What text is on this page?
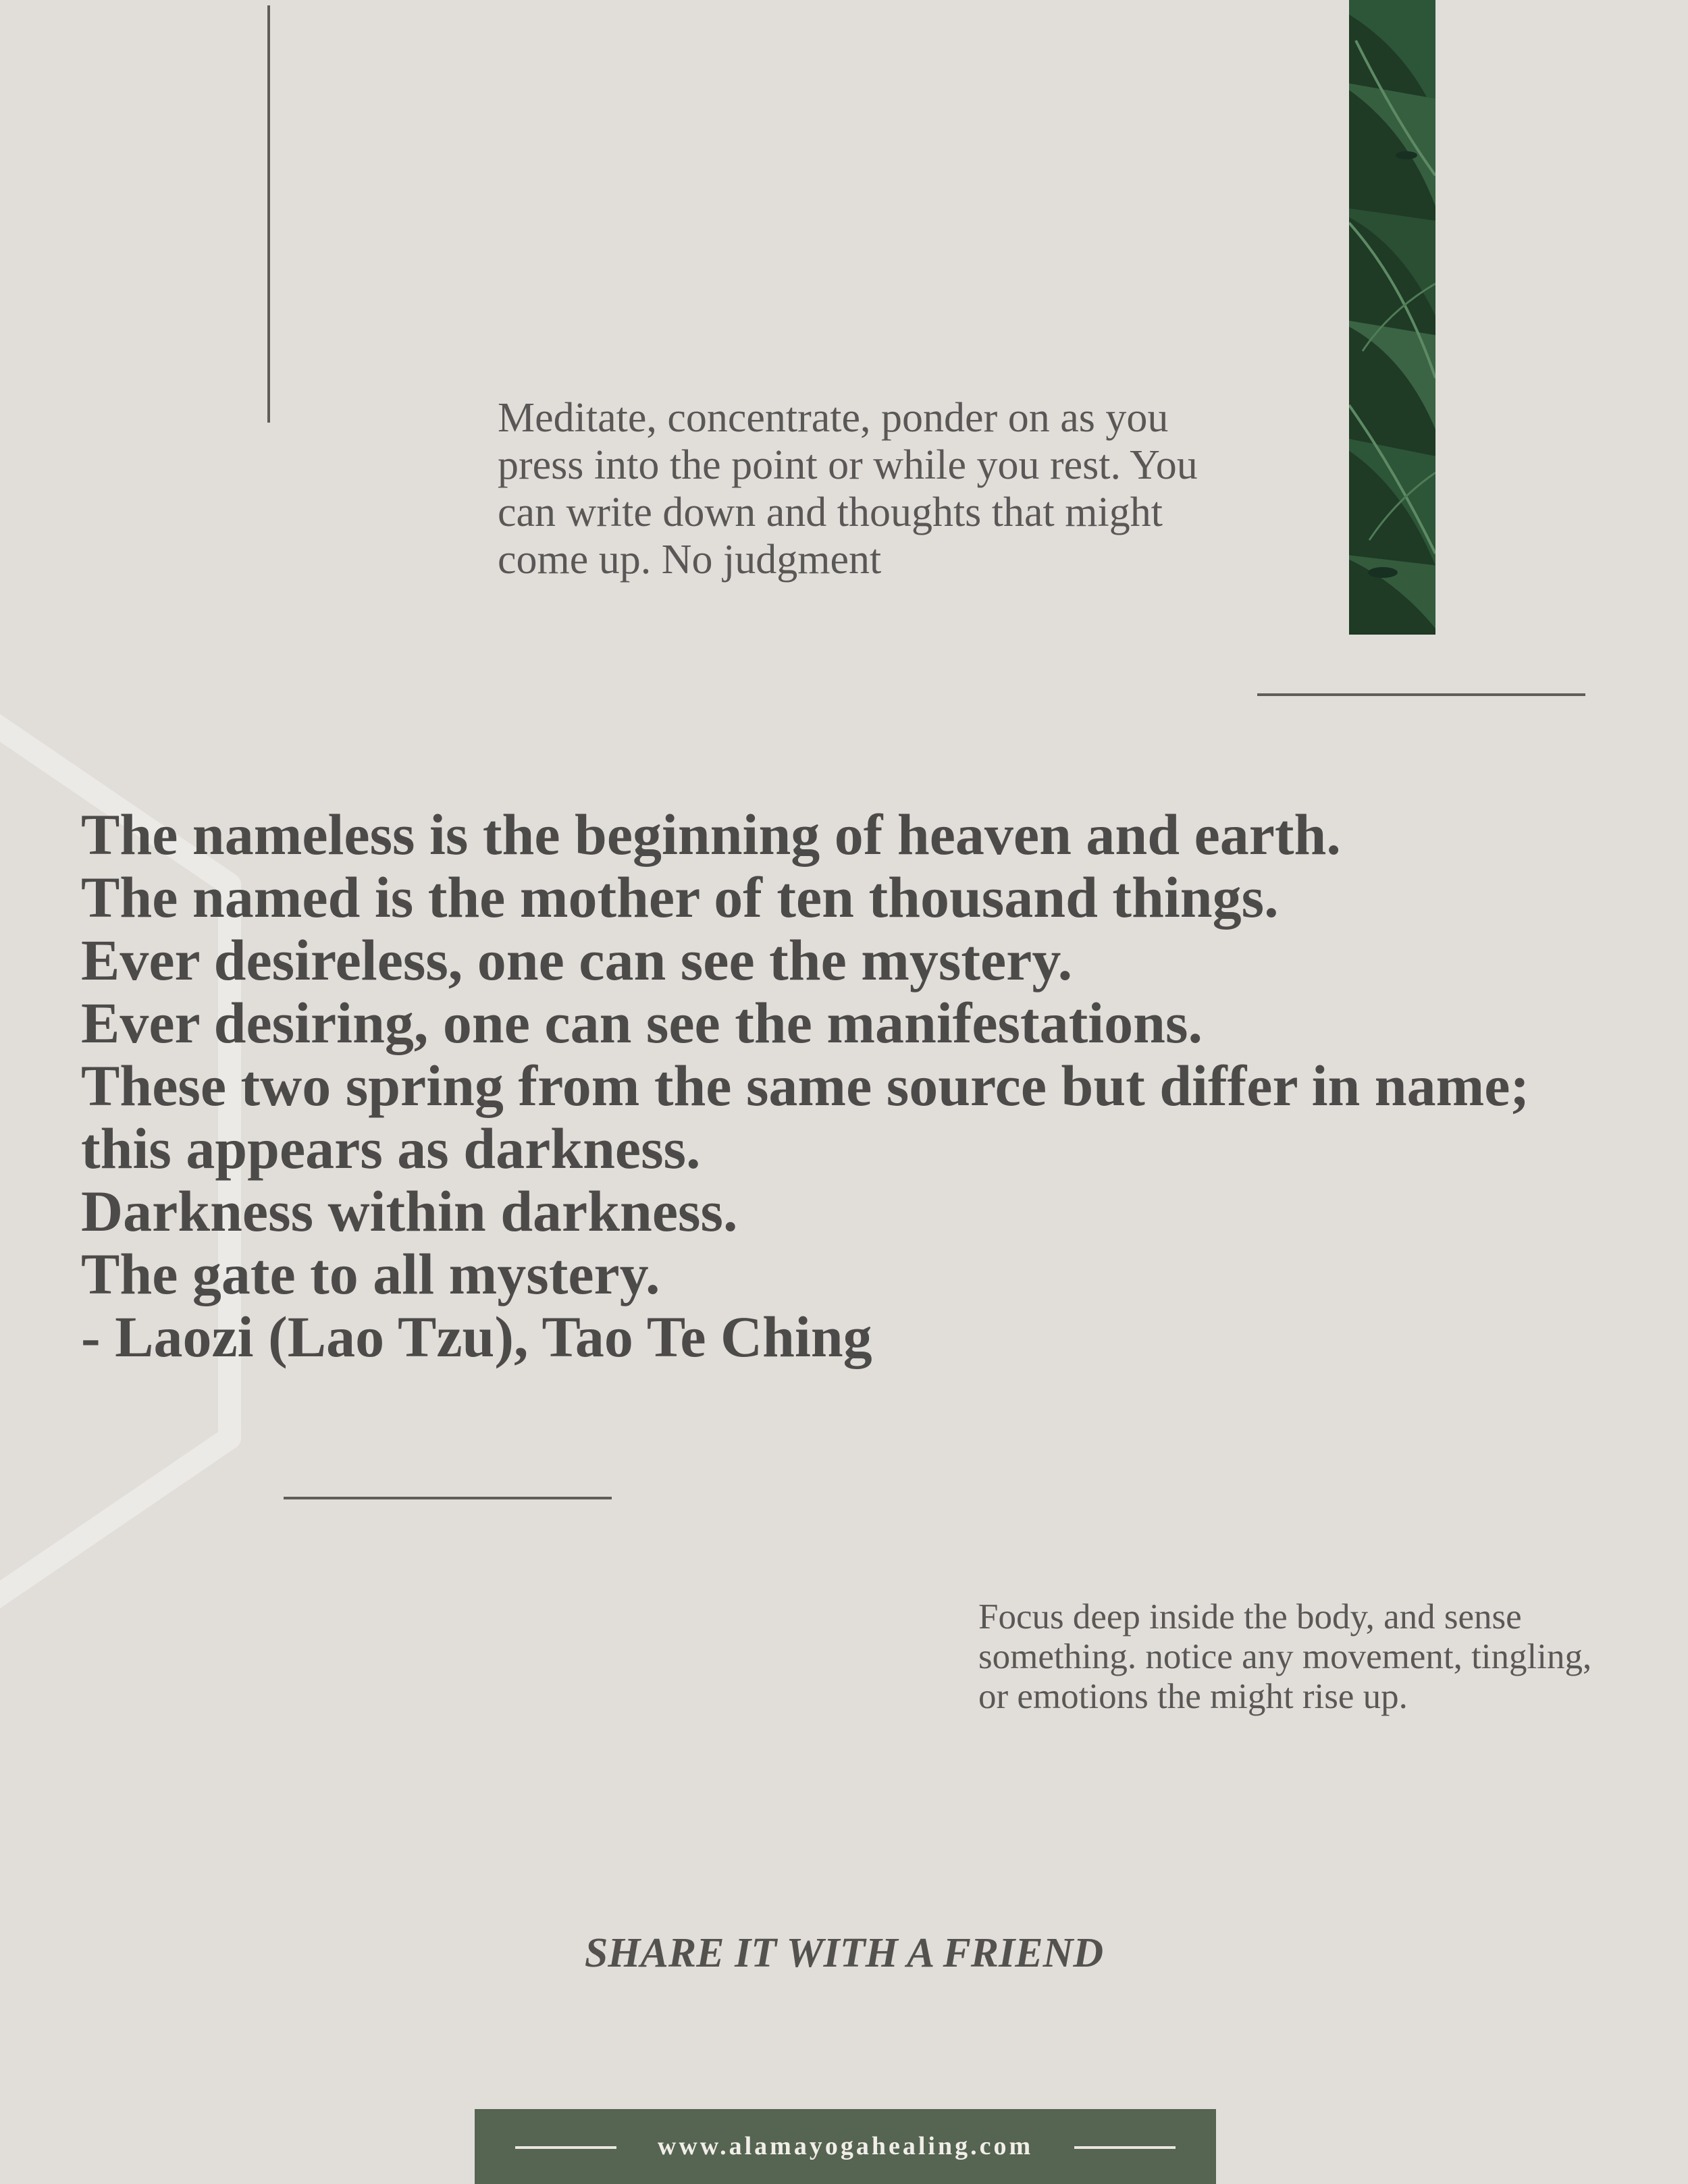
Meditate, concentrate, ponder on as you press into the point or while you rest. You can write down and thoughts that might come up. No judgment

The nameless is the beginning of heaven and earth.
The named is the mother of ten thousand things.
Ever desireless, one can see the mystery.
Ever desiring, one can see the manifestations.
These two spring from the same source but differ in name;
this appears as darkness.
Darkness within darkness.
The gate to all mystery.
- Laozi (Lao Tzu), Tao Te Ching

Focus deep inside the body, and sense something. notice any movement, tingling, or emotions the might rise up.

SHARE IT WITH A FRIEND

www.alamayogahealing.com
